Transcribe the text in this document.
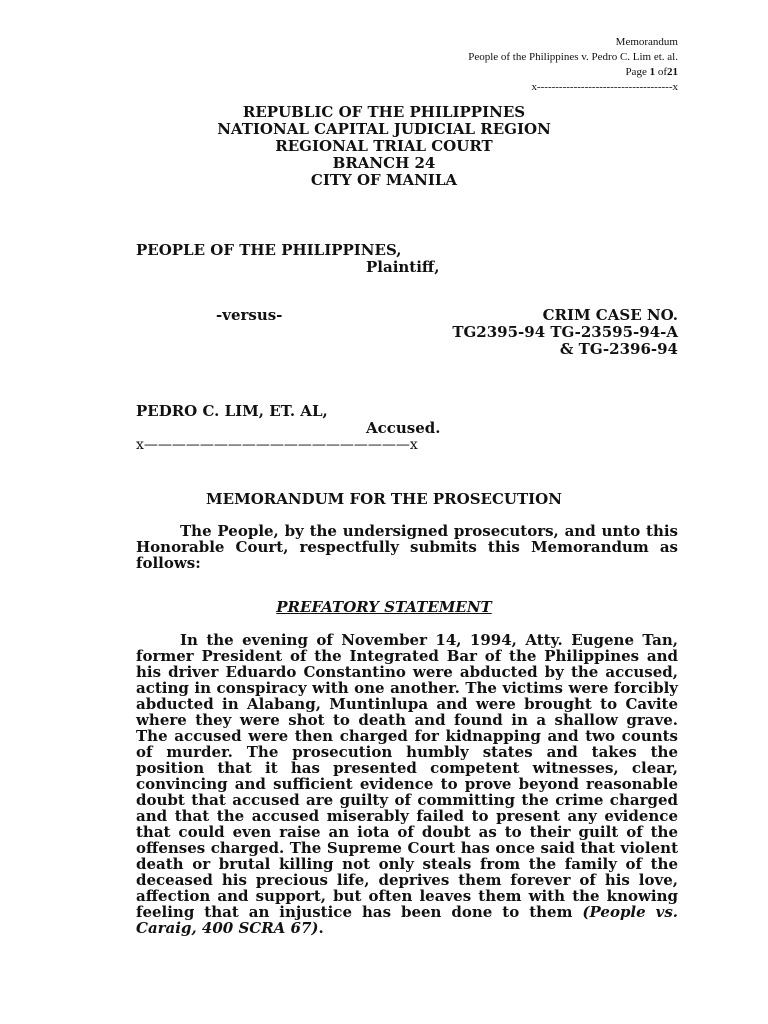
Memorandum
People of the Philippines v. Pedro C. Lim et. al.
Page 1 of21
x-------------------------------------x
REPUBLIC OF THE PHILIPPINES
NATIONAL CAPITAL JUDICIAL REGION
REGIONAL TRIAL COURT
BRANCH 24
CITY OF MANILA
PEOPLE OF THE PHILIPPINES,
Plaintiff,
-versus-	CRIM CASE NO.
TG2395-94 TG-23595-94-A
& TG-2396-94
PEDRO C. LIM, ET. AL,
Accused.
x———————————————————x
MEMORANDUM FOR THE PROSECUTION
The People, by the undersigned prosecutors, and unto this Honorable Court, respectfully submits this Memorandum as follows:
PREFATORY STATEMENT
In the evening of November 14, 1994, Atty. Eugene Tan, former President of the Integrated Bar of the Philippines and his driver Eduardo Constantino were abducted by the accused, acting in conspiracy with one another. The victims were forcibly abducted in Alabang, Muntinlupa and were brought to Cavite where they were shot to death and found in a shallow grave. The accused were then charged for kidnapping and two counts of murder. The prosecution humbly states and takes the position that it has presented competent witnesses, clear, convincing and sufficient evidence to prove beyond reasonable doubt that accused are guilty of committing the crime charged and that the accused miserably failed to present any evidence that could even raise an iota of doubt as to their guilt of the offenses charged. The Supreme Court has once said that violent death or brutal killing not only steals from the family of the deceased his precious life, deprives them forever of his love, affection and support, but often leaves them with the knowing feeling that an injustice has been done to them (People vs. Caraig, 400 SCRA 67).
